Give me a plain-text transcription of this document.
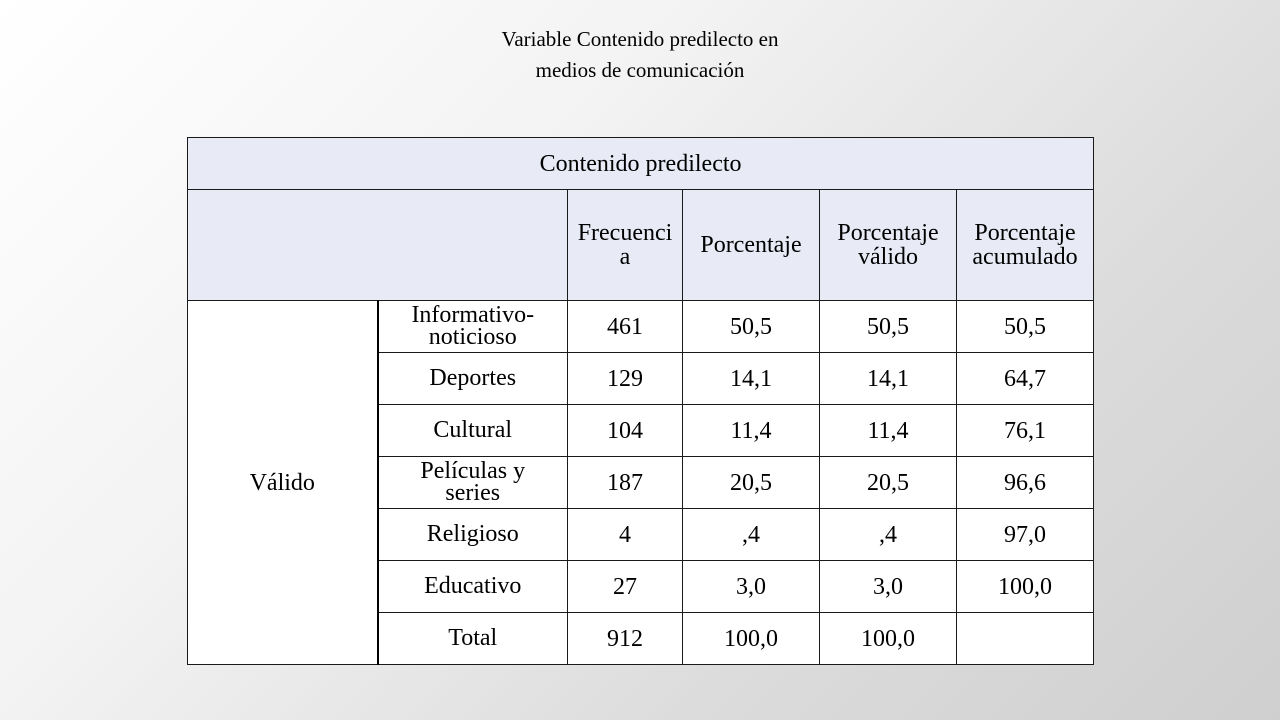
Variable Contenido predilecto en
medios de comunicación
Contenido predilecto					
		Frecuenci
a	Porcentaje	Porcentaje
válido	Porcentaje
acumulado
Válido	Informativo-
noticioso	461	50,5	50,5	50,5
	Deportes	129	14,1	14,1	64,7
	Cultural	104	11,4	11,4	76,1
	Películas y
series	187	20,5	20,5	96,6
	Religioso	4	,4	,4	97,0
	Educativo	27	3,0	3,0	100,0
	Total	912	100,0	100,0	
